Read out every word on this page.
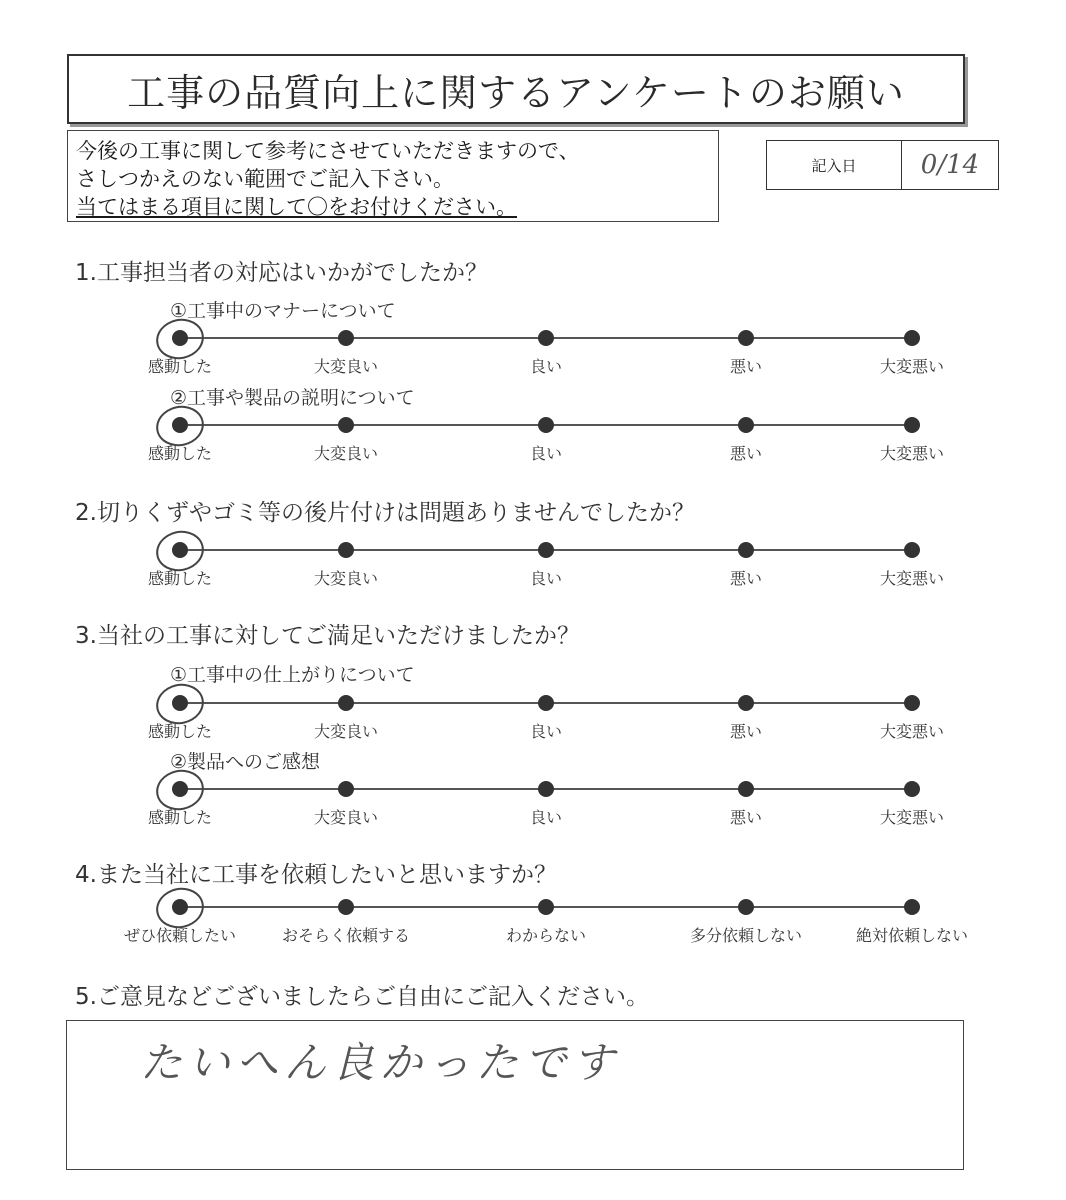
工事の品質向上に関するアンケートのお願い
今後の工事に関して参考にさせていただきますので、
さしつかえのない範囲でご記入下さい。
当てはまる項目に関して〇をお付けください。
記入日	0/14
1.工事担当者の対応はいかがでしたか？
①工事中のマナーについて
感動した	大変良い	良い	悪い	大変悪い
②工事や製品の説明について
感動した	大変良い	良い	悪い	大変悪い
2.切りくずやゴミ等の後片付けは問題ありませんでしたか？
感動した	大変良い	良い	悪い	大変悪い
3.当社の工事に対してご満足いただけましたか？
①工事中の仕上がりについて
感動した	大変良い	良い	悪い	大変悪い
②製品へのご感想
感動した	大変良い	良い	悪い	大変悪い
4.また当社に工事を依頼したいと思いますか？
ぜひ依頼したい	おそらく依頼する	わからない	多分依頼しない	絶対依頼しない
5.ご意見などございましたらご自由にご記入ください。
たいへん良かったです
